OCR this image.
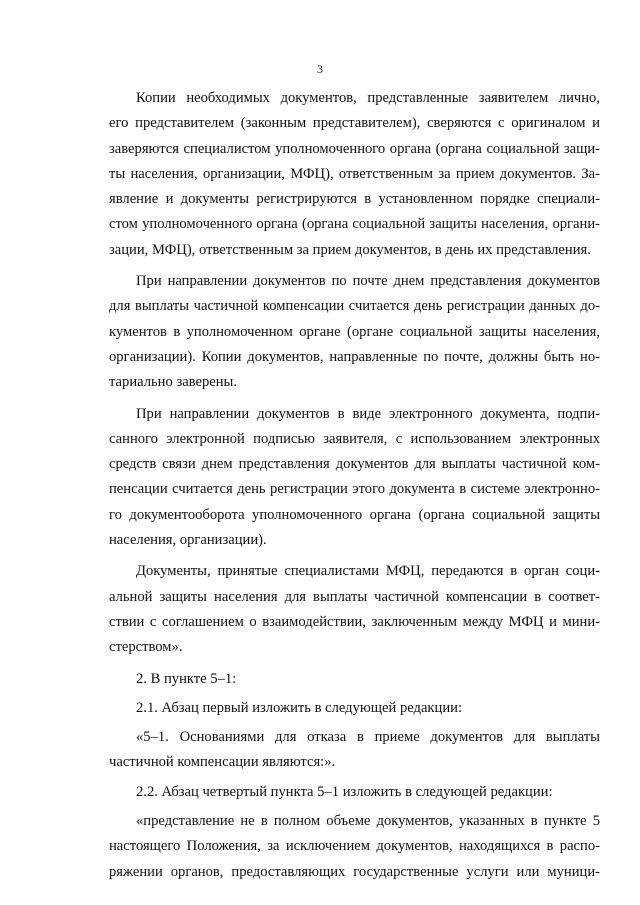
3
Копии необходимых документов, представленные заявителем лично,
его представителем (законным представителем), сверяются с оригиналом и
заверяются специалистом уполномоченного органа (органа социальной защи-
ты населения, организации, МФЦ), ответственным за прием документов. За-
явление и документы регистрируются в установленном порядке специали-
стом уполномоченного органа (органа социальной защиты населения, органи-
зации, МФЦ), ответственным за прием документов, в день их представления.
При направлении документов по почте днем представления документов
для выплаты частичной компенсации считается день регистрации данных до-
кументов в уполномоченном органе (органе социальной защиты населения,
организации). Копии документов, направленные по почте, должны быть но-
тариально заверены.
При направлении документов в виде электронного документа, подпи-
санного электронной подписью заявителя, с использованием электронных
средств связи днем представления документов для выплаты частичной ком-
пенсации считается день регистрации этого документа в системе электронно-
го документооборота уполномоченного органа (органа социальной защиты
населения, организации).
Документы, принятые специалистами МФЦ, передаются в орган соци-
альной защиты населения для выплаты частичной компенсации в соответ-
ствии с соглашением о взаимодействии, заключенным между МФЦ и мини-
стерством».
2. В пункте 5–1:
2.1. Абзац первый изложить в следующей редакции:
«5–1. Основаниями для отказа в приеме документов для выплаты
частичной компенсации являются:».
2.2. Абзац четвертый пункта 5–1 изложить в следующей редакции:
«представление не в полном объеме документов, указанных в пункте 5
настоящего Положения, за исключением документов, находящихся в распо-
ряжении органов, предоставляющих государственные услуги или муници-
